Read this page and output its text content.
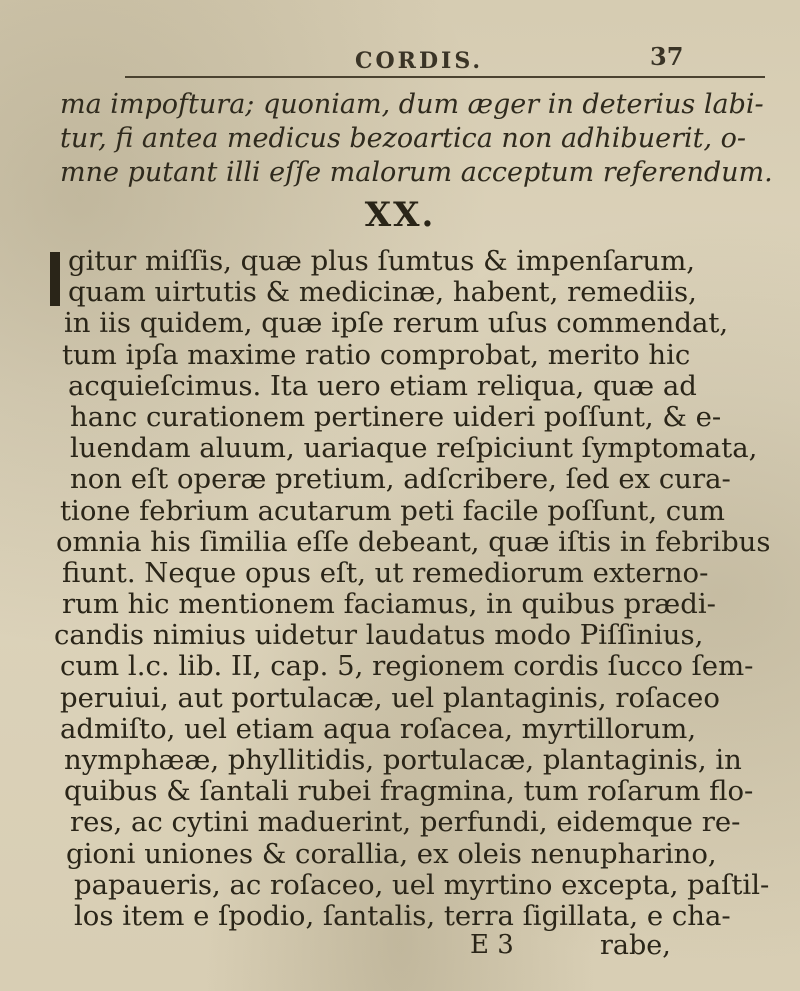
CORDIS.	37
ma impoftura; quoniam, dum æger in deterius labi-
tur, fi antea medicus bezoartica non adhibuerit, o-
mne putant illi eſſe malorum acceptum referendum.
XX.
gitur miſſis, quæ plus ſumtus & impenſarum,
quam uirtutis & medicinæ, habent, remediis,
in iis quidem, quæ ipſe rerum uſus commendat,
tum ipſa maxime ratio comprobat, merito hic
acquieſcimus. Ita uero etiam reliqua, quæ ad
hanc curationem pertinere uideri poſſunt, & e-
luendam aluum, uariaque reſpiciunt ſymptomata,
non eſt operæ pretium, adſcribere, ſed ex cura-
tione febrium acutarum peti facile poſſunt, cum
omnia his ſimilia eſſe debeant, quæ iſtis in febribus
fiunt. Neque opus eſt, ut remediorum externo-
rum hic mentionem faciamus, in quibus prædi-
candis nimius uidetur laudatus modo Piſſinius,
cum l.c. lib. II, cap. 5, regionem cordis ſucco ſem-
peruiui, aut portulacæ, uel plantaginis, roſaceo
admiſto, uel etiam aqua roſacea, myrtillorum,
nymphææ, phyllitidis, portulacæ, plantaginis, in
quibus & ſantali rubei fragmina, tum roſarum flo-
res, ac cytini maduerint, perfundi, eidemque re-
gioni uniones & corallia, ex oleis nenupharino,
papaueris, ac roſaceo, uel myrtino excepta, paſtil-
los item e ſpodio, ſantalis, terra ſigillata, e cha-
E 3	rabe,
